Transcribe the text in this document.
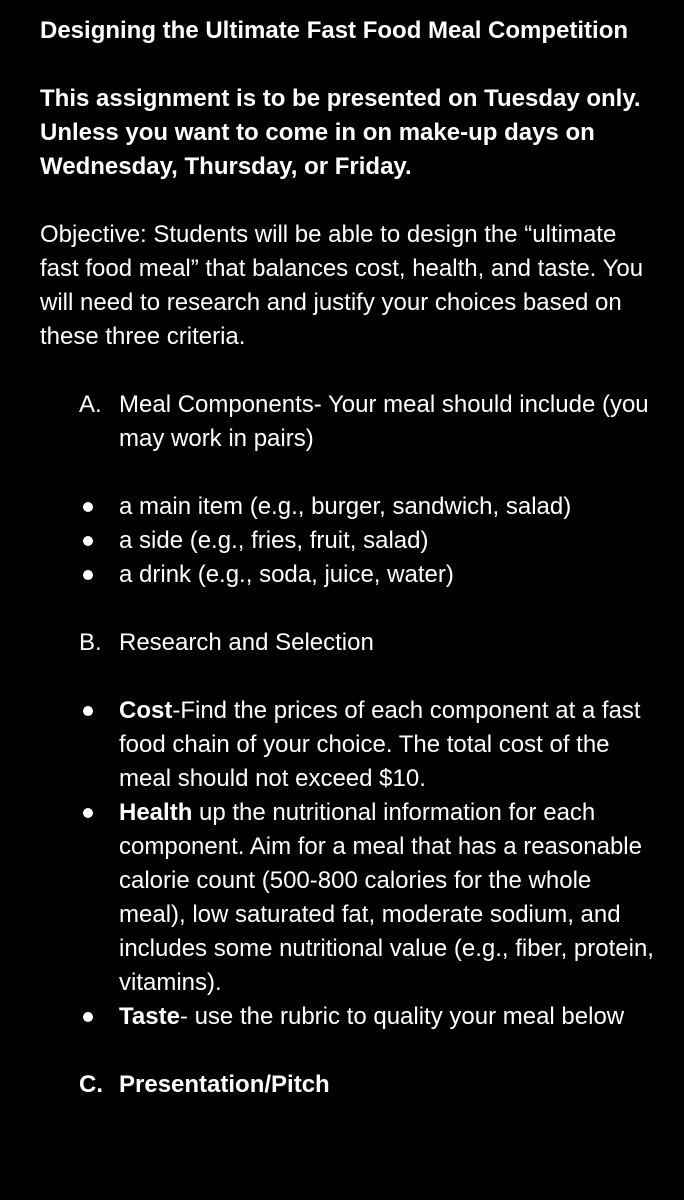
Designing the Ultimate Fast Food Meal Competition

This assignment is to be presented on Tuesday only. Unless you want to come in on make-up days on Wednesday, Thursday, or Friday.

Objective: Students will be able to design the “ultimate fast food meal” that balances cost, health, and taste. You will need to research and justify your choices based on these three criteria.

A. Meal Components- Your meal should include (you may work in pairs)
a main item (e.g., burger, sandwich, salad)
a side (e.g., fries, fruit, salad)
a drink (e.g., soda, juice, water)
B. Research and Selection
Cost-Find the prices of each component at a fast food chain of your choice. The total cost of the meal should not exceed $10.
Health up the nutritional information for each component. Aim for a meal that has a reasonable calorie count (500-800 calories for the whole meal), low saturated fat, moderate sodium, and includes some nutritional value (e.g., fiber, protein, vitamins).
Taste- use the rubric to quality your meal below
C. Presentation/Pitch
